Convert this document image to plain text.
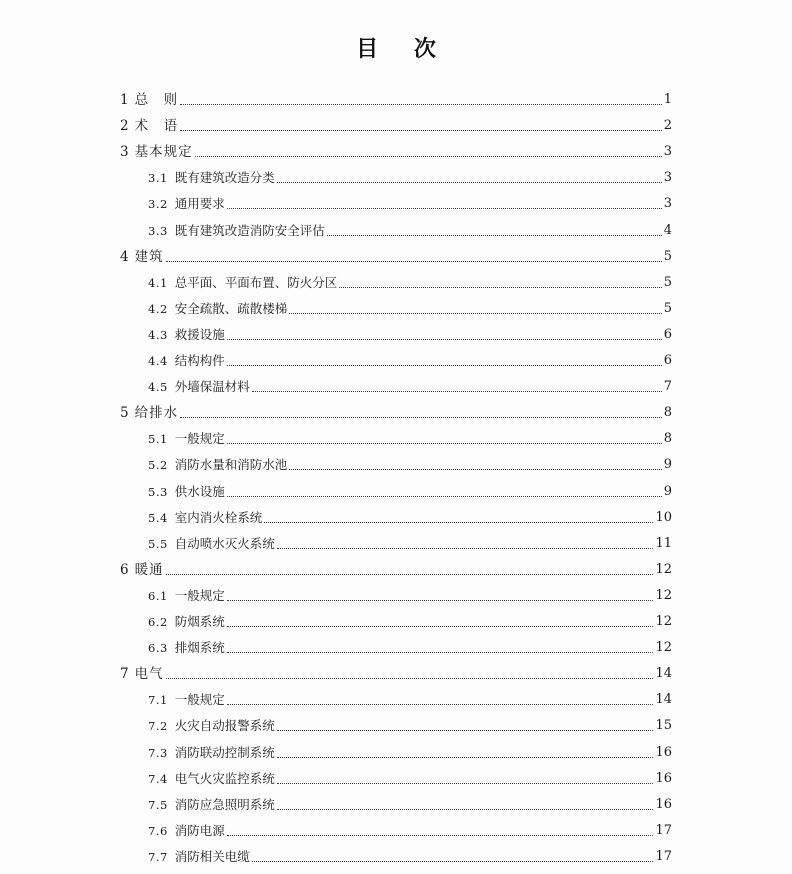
目 次
1 总　则	1
2 术　语	2
3 基本规定	3
3.1 既有建筑改造分类	3
3.2 通用要求	3
3.3 既有建筑改造消防安全评估	4
4 建筑	5
4.1 总平面、平面布置、防火分区	5
4.2 安全疏散、疏散楼梯	5
4.3 救援设施	6
4.4 结构构件	6
4.5 外墙保温材料	7
5 给排水	8
5.1 一般规定	8
5.2 消防水量和消防水池	9
5.3 供水设施	9
5.4 室内消火栓系统	10
5.5 自动喷水灭火系统	11
6 暖通	12
6.1 一般规定	12
6.2 防烟系统	12
6.3 排烟系统	12
7 电气	14
7.1 一般规定	14
7.2 火灾自动报警系统	15
7.3 消防联动控制系统	16
7.4 电气火灾监控系统	16
7.5 消防应急照明系统	16
7.6 消防电源	17
7.7 消防相关电缆	17
